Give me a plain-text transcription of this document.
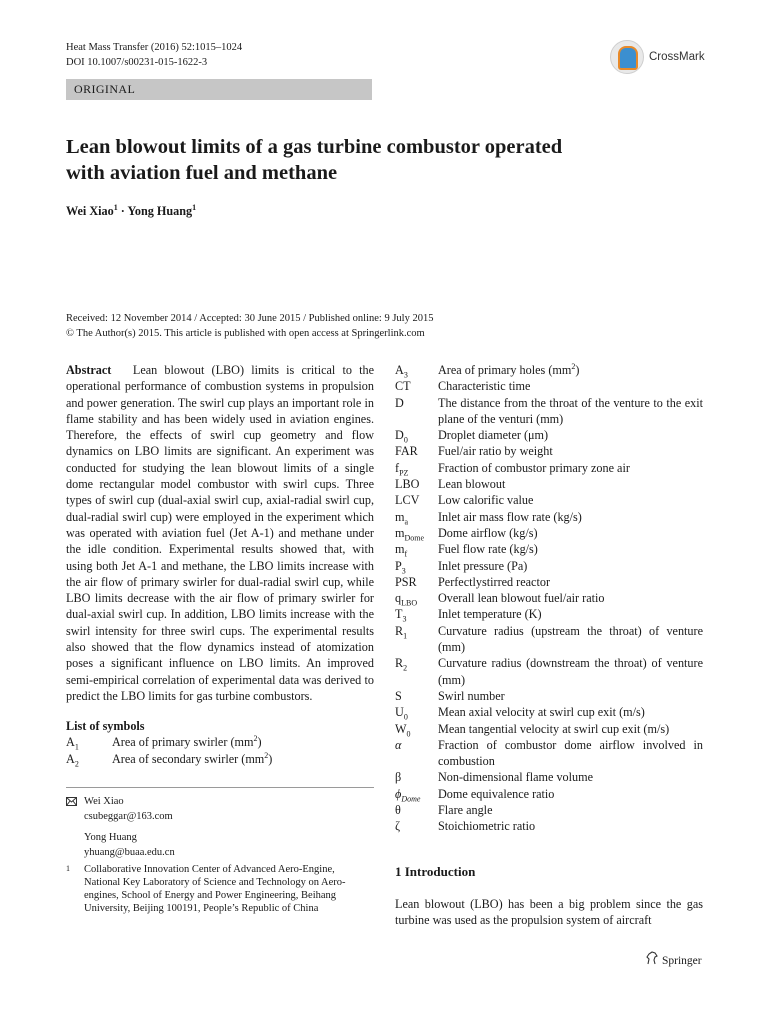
Heat Mass Transfer (2016) 52:1015–1024
DOI 10.1007/s00231-015-1622-3	CrossMark
ORIGINAL
Lean blowout limits of a gas turbine combustor operated
with aviation fuel and methane
Wei Xiao$^1$ · Yong Huang$^1$
Received: 12 November 2014 / Accepted: 30 June 2015 / Published online: 9 July 2015
© The Author(s) 2015. This article is published with open access at Springerlink.com
Abstract Lean blowout (LBO) limits is critical to the operational performance of combustion systems in propulsion and power generation. The swirl cup plays an important role in flame stability and has been widely used in aviation engines. Therefore, the effects of swirl cup geometry and flow dynamics on LBO limits are significant. An experiment was conducted for studying the lean blowout limits of a single dome rectangular model combustor with swirl cups. Three types of swirl cup (dual-axial swirl cup, axial-radial swirl cup, dual-radial swirl cup) were employed in the experiment which was operated with aviation fuel (Jet A-1) and methane under the idle condition. Experimental results showed that, with using both Jet A-1 and methane, the LBO limits increase with the air flow of primary swirler for dual-radial swirl cup, while LBO limits decrease with the air flow of primary swirler for dual-axial swirl cup. In addition, LBO limits increase with the swirl intensity for three swirl cups. The experimental results also showed that the flow dynamics instead of atomization poses a significant influence on LBO limits. An improved semi-empirical correlation of experimental data was derived to predict the LBO limits for gas turbine combustors.
List of symbols
$A_1$	Area of primary swirler $(mm^2)$
$A_2$	Area of secondary swirler $(mm^2)$
Wei Xiao
csubeggar@163.com
Yong Huang
yhuang@buaa.edu.cn
1	Collaborative Innovation Center of Advanced Aero-Engine, National Key Laboratory of Science and Technology on Aero-engines, School of Energy and Power Engineering, Beihang University, Beijing 100191, People’s Republic of China
$A_3$	Area of primary holes $(mm^2)$
CT	Characteristic time
D	The distance from the throat of the venture to the exit plane of the venturi (mm)
$D_0$	Droplet diameter (μm)
FAR	Fuel/air ratio by weight
$f_{PZ}$	Fraction of combustor primary zone air
LBO	Lean blowout
LCV	Low calorific value
$m_a$	Inlet air mass flow rate (kg/s)
$m_{Dome}$	Dome airflow (kg/s)
$m_f$	Fuel flow rate (kg/s)
$P_3$	Inlet pressure (Pa)
PSR	Perfectlystirred reactor
$q_{LBO}$	Overall lean blowout fuel/air ratio
$T_3$	Inlet temperature (K)
$R_1$	Curvature radius (upstream the throat) of venture (mm)
$R_2$	Curvature radius (downstream the throat) of venture (mm)
S	Swirl number
$U_0$	Mean axial velocity at swirl cup exit (m/s)
$W_0$	Mean tangential velocity at swirl cup exit (m/s)
α	Fraction of combustor dome airflow involved in combustion
β	Non-dimensional flame volume
$\phi_{Dome}$	Dome equivalence ratio
θ	Flare angle
ζ	Stoichiometric ratio
1 Introduction
Lean blowout (LBO) has been a big problem since the gas turbine was used as the propulsion system of aircraft
Springer
